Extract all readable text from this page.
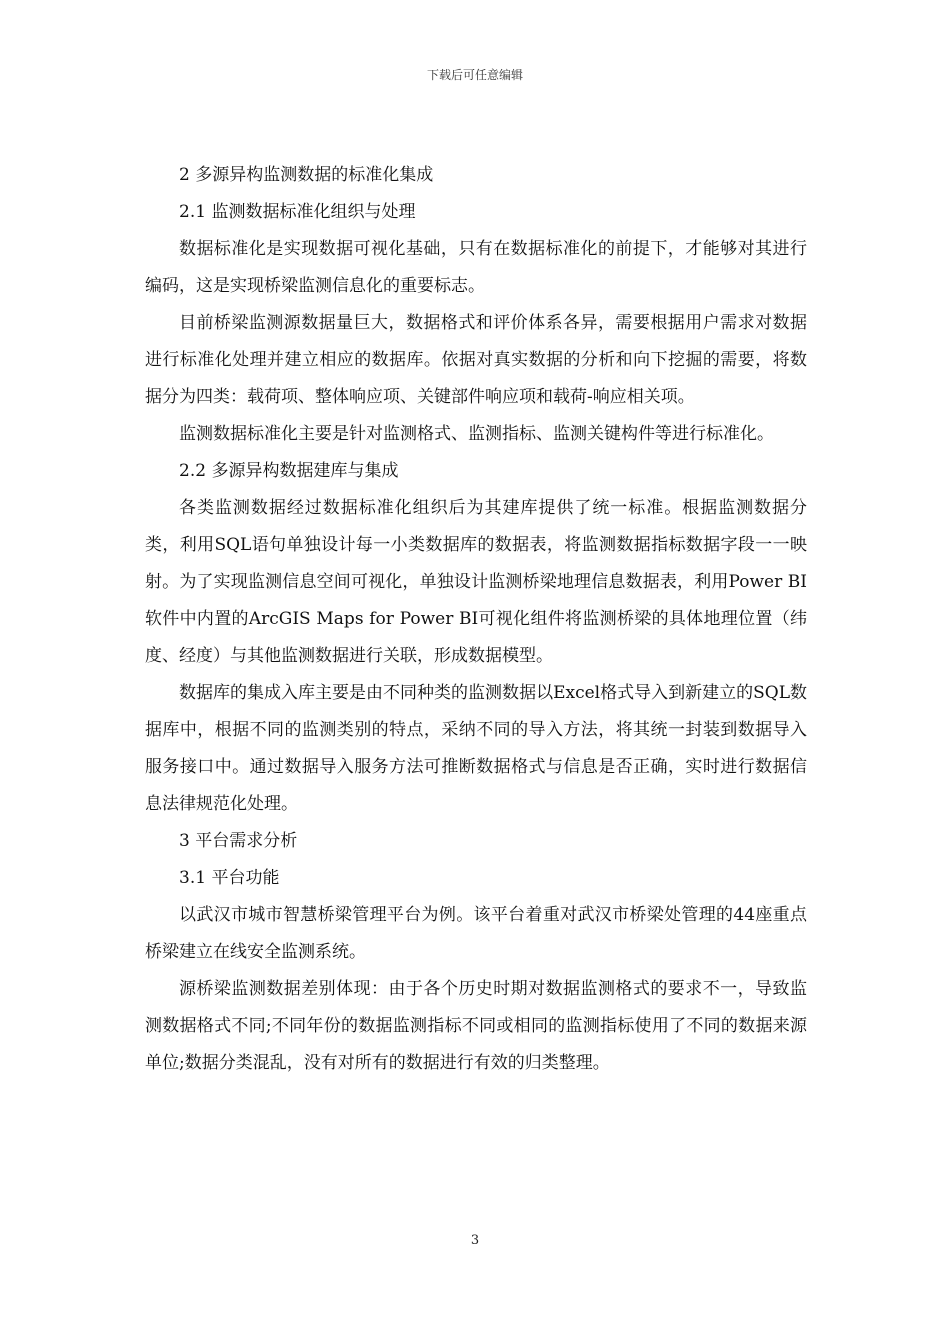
下载后可任意编辑

2 多源异构监测数据的标准化集成

2.1 监测数据标准化组织与处理

数据标准化是实现数据可视化基础，只有在数据标准化的前提下，才能够对其进行编码，这是实现桥梁监测信息化的重要标志。

目前桥梁监测源数据量巨大，数据格式和评价体系各异，需要根据用户需求对数据进行标准化处理并建立相应的数据库。依据对真实数据的分析和向下挖掘的需要，将数据分为四类：载荷项、整体响应项、关键部件响应项和载荷-响应相关项。

监测数据标准化主要是针对监测格式、监测指标、监测关键构件等进行标准化。

2.2 多源异构数据建库与集成

各类监测数据经过数据标准化组织后为其建库提供了统一标准。根据监测数据分类，利用SQL语句单独设计每一小类数据库的数据表，将监测数据指标数据字段一一映射。为了实现监测信息空间可视化，单独设计监测桥梁地理信息数据表，利用Power BI软件中内置的ArcGIS Maps for Power BI可视化组件将监测桥梁的具体地理位置（纬度、经度）与其他监测数据进行关联，形成数据模型。

数据库的集成入库主要是由不同种类的监测数据以Excel格式导入到新建立的SQL数据库中，根据不同的监测类别的特点，采纳不同的导入方法，将其统一封装到数据导入服务接口中。通过数据导入服务方法可推断数据格式与信息是否正确，实时进行数据信息法律规范化处理。

3 平台需求分析

3.1 平台功能

以武汉市城市智慧桥梁管理平台为例。该平台着重对武汉市桥梁处管理的44座重点桥梁建立在线安全监测系统。

源桥梁监测数据差别体现：由于各个历史时期对数据监测格式的要求不一，导致监测数据格式不同;不同年份的数据监测指标不同或相同的监测指标使用了不同的数据来源单位;数据分类混乱，没有对所有的数据进行有效的归类整理。

3
